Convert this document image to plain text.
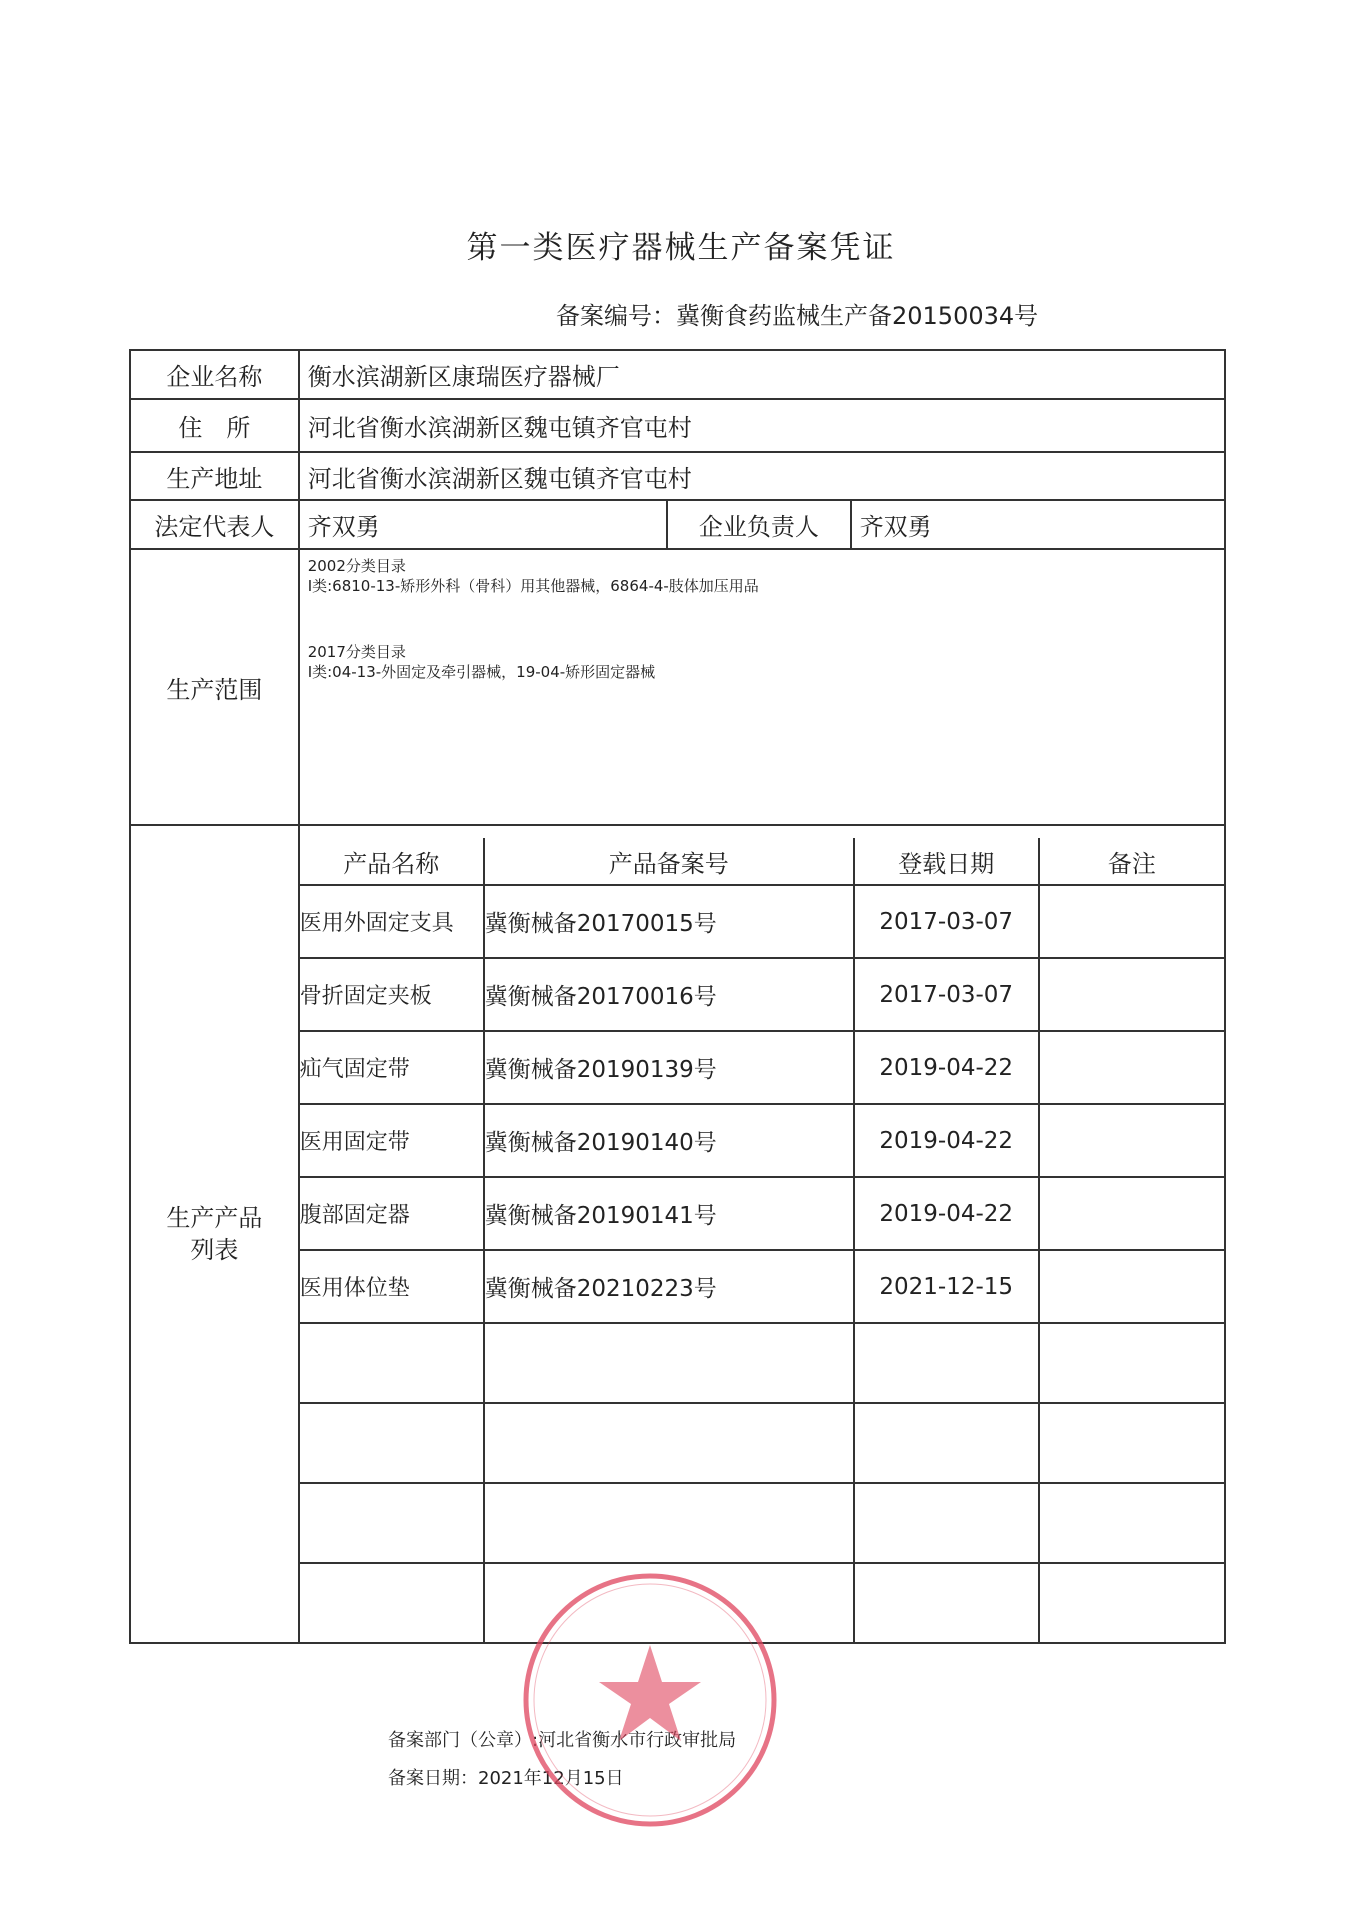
第一类医疗器械生产备案凭证
备案编号：冀衡食药监械生产备20150034号
企业名称	衡水滨湖新区康瑞医疗器械厂
住　所	河北省衡水滨湖新区魏屯镇齐官屯村
生产地址	河北省衡水滨湖新区魏屯镇齐官屯村
法定代表人	齐双勇	企业负责人	齐双勇
生产范围	
2002分类目录
I类:6810-13-矫形外科（骨科）用其他器械，6864-4-肢体加压用品
2017分类目录
I类:04-13-外固定及牵引器械，19-04-矫形固定器械

生产产品
列表

产品名称	产品备案号	登载日期	备注
医用外固定支具	冀衡械备20170015号	2017-03-07	
骨折固定夹板	冀衡械备20170016号	2017-03-07	
疝气固定带	冀衡械备20190139号	2019-04-22	
医用固定带	冀衡械备20190140号	2019-04-22	
腹部固定器	冀衡械备20190141号	2019-04-22	
医用体位垫	冀衡械备20210223号	2021-12-15	

备案部门（公章）:河北省衡水市行政审批局
备案日期：2021年12月15日
